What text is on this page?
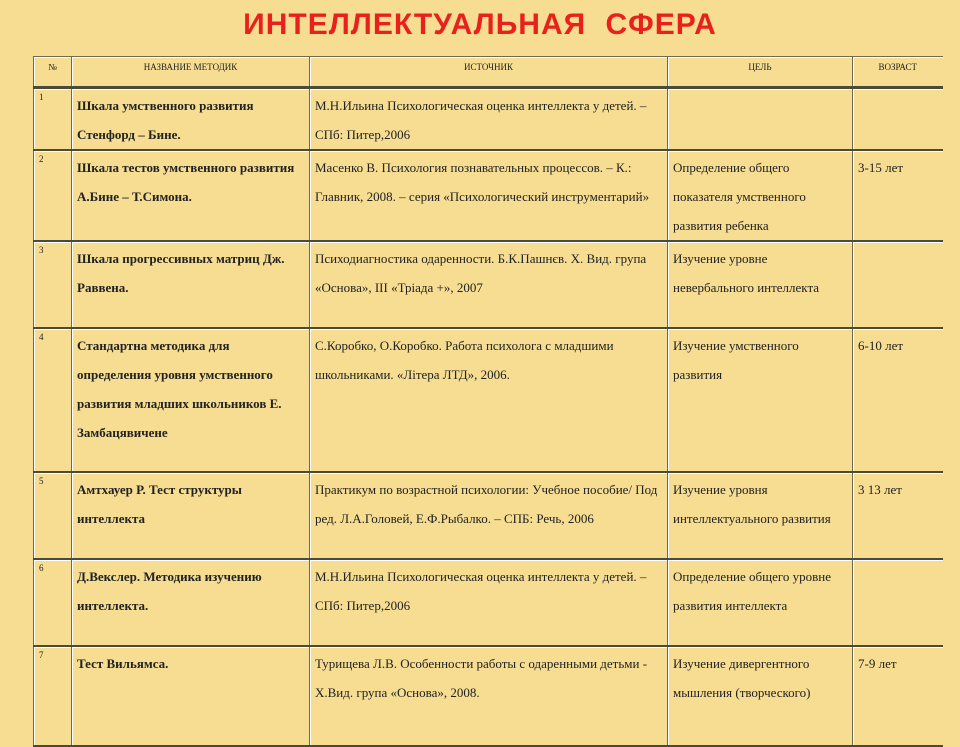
ИНТЕЛЛЕКТУАЛЬНАЯ СФЕРА
№	НАЗВАНИЕ МЕТОДИК	ИСТОЧНИК	ЦЕЛЬ	ВОЗРАСТ
1	Шкала умственного развития Стенфорд – Бине.	М.Н.Ильина Психологическая оценка интеллекта у детей. – СПб: Питер,2006		
2	Шкала тестов умственного развития А.Бине – Т.Симона.	Масенко В. Психология познавательных процессов. – К.: Главник, 2008. – серия «Психологический инструментарий»	Определение общего показателя умственного развития ребенка	3-15 лет
3	Шкала прогрессивных матриц Дж. Раввена.	Психодиагностика одаренности. Б.К.Пашнєв. Х. Вид. група «Основа», ІІІ «Тріада +», 2007	Изучение уровне невербального интеллекта	
4	Стандартна методика для определения уровня умственного развития младших школьников Е. Замбацявичене	С.Коробко, О.Коробко. Работа психолога с младшими школьниками. «Літера ЛТД», 2006.	Изучение умственного развития	6-10 лет
5	Амтхауер Р. Тест структуры интеллекта	Практикум по возрастной психологии: Учебное пособие/ Под ред. Л.А.Головей, Е.Ф.Рыбалко. – СПБ: Речь, 2006	Изучение уровня интеллектуального развития	3 13 лет
6	Д.Векслер. Методика изучению интеллекта.	М.Н.Ильина Психологическая оценка интеллекта у детей. – СПб: Питер,2006	Определение общего уровне развития интеллекта	
7	Тест Вильямса.	Турищева Л.В. Особенности работы с одаренными детьми - Х.Вид. група «Основа», 2008.	Изучение дивергентного мышления (творческого)	7-9 лет
